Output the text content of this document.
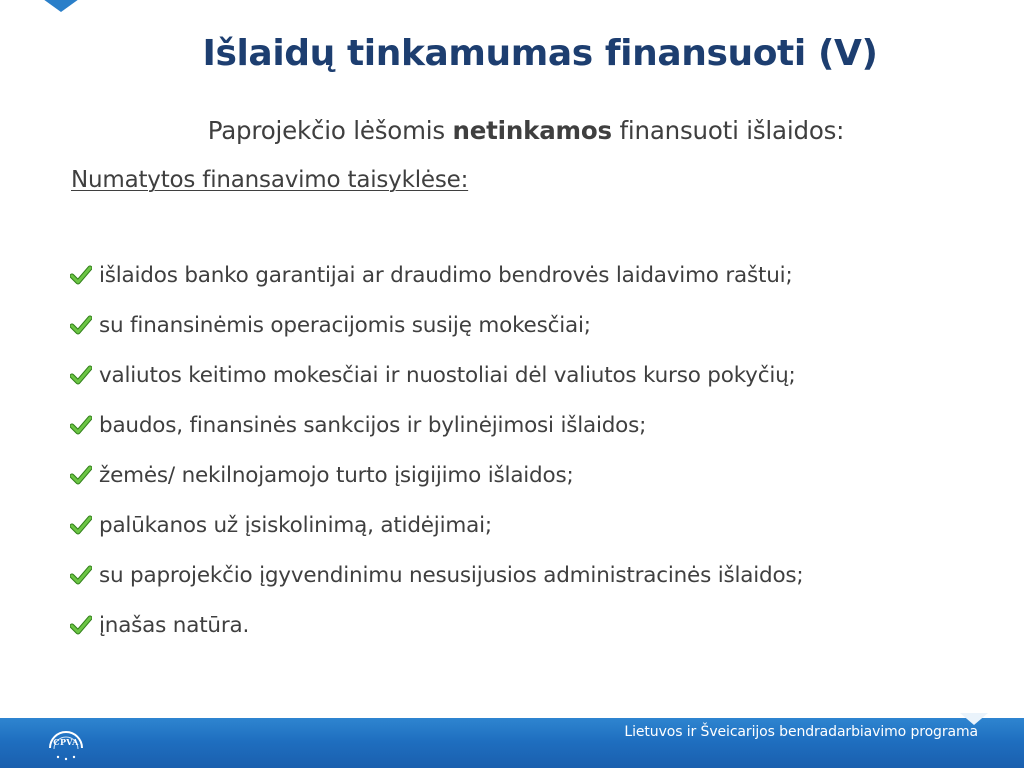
Išlaidų tinkamumas finansuoti (V)

Paprojekčio lėšomis netinkamos finansuoti išlaidos:

Numatytos finansavimo taisyklėse:

išlaidos banko garantijai ar draudimo bendrovės laidavimo raštui;
su finansinėmis operacijomis susiję mokesčiai;
valiutos keitimo mokesčiai ir nuostoliai dėl valiutos kurso pokyčių;
baudos, finansinės sankcijos ir bylinėjimosi išlaidos;
žemės/ nekilnojamojo turto įsigijimo išlaidos;
palūkanos už įsiskolinimą, atidėjimai;
su paprojekčio įgyvendinimu nesusijusios administracinės išlaidos;
įnašas natūra.
CPVA
Lietuvos ir Šveicarijos bendradarbiavimo programa
